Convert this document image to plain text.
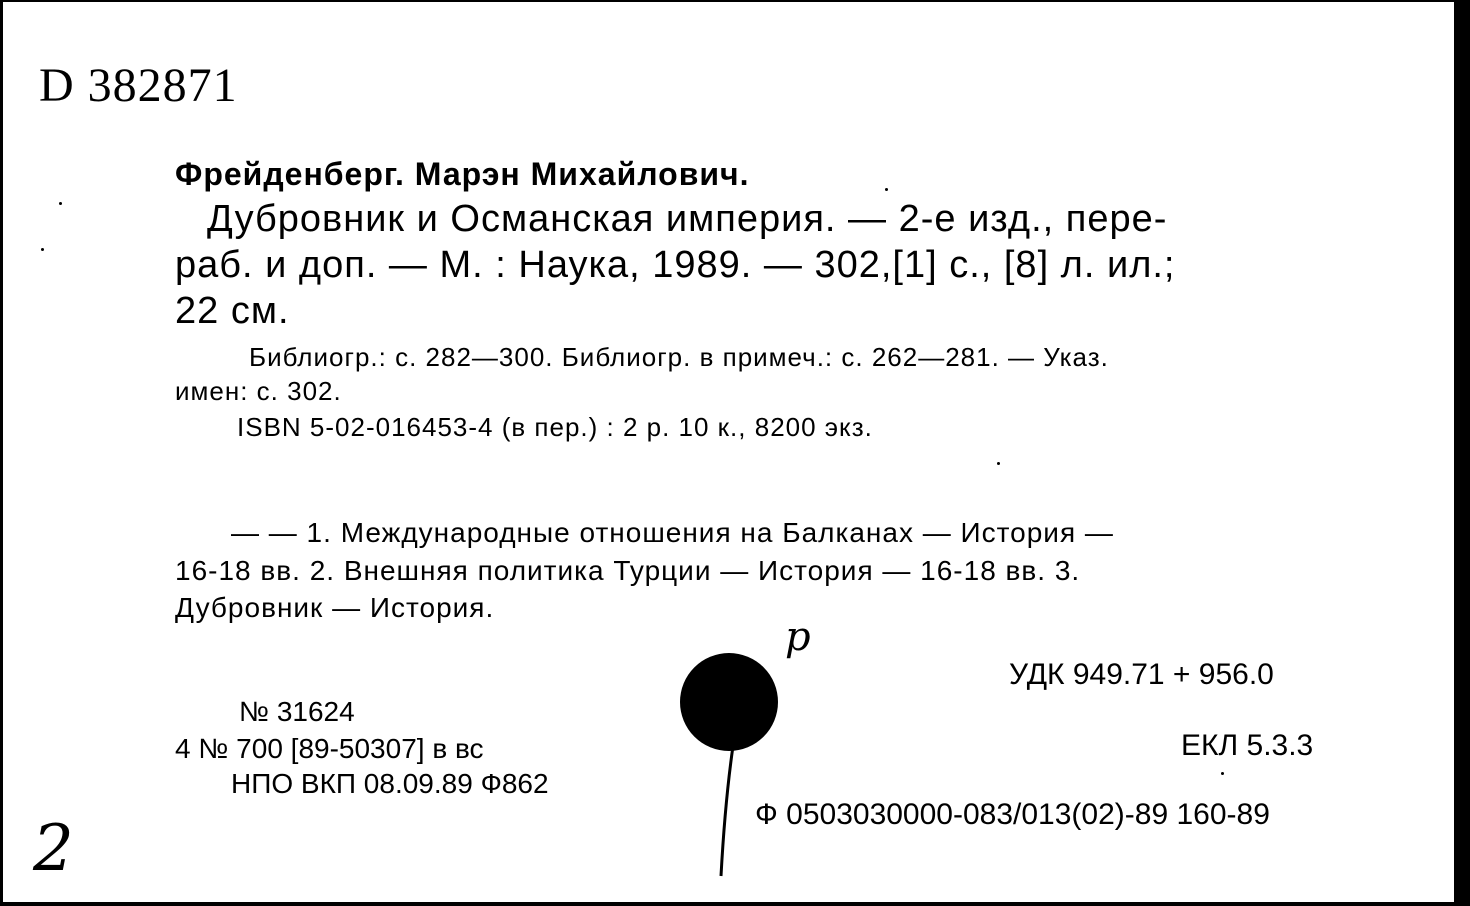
D 382871
Фрейденберг. Марэн Михайлович.
Дубровник и Османская империя. — 2-е изд., пере-
раб. и доп. — М. : Наука, 1989. — 302,[1] с., [8] л. ил.;
22 см.
Библиогр.: с. 282—300. Библиогр. в примеч.: с. 262—281. — Указ.
имен: с. 302.
ISBN 5-02-016453-4 (в пер.) : 2 р. 10 к., 8200 экз.
— — 1. Международные отношения на Балканах — История —
16-18 вв. 2. Внешняя политика Турции — История — 16-18 вв. 3.
Дубровник — История.
№ 31624
4 № 700 [89-50307] в вс
НПО ВКП 08.09.89 Ф862
УДК 949.71 + 956.0
ЕКЛ 5.3.3
Ф 0503030000-083/013(02)-89 160-89
2
р
